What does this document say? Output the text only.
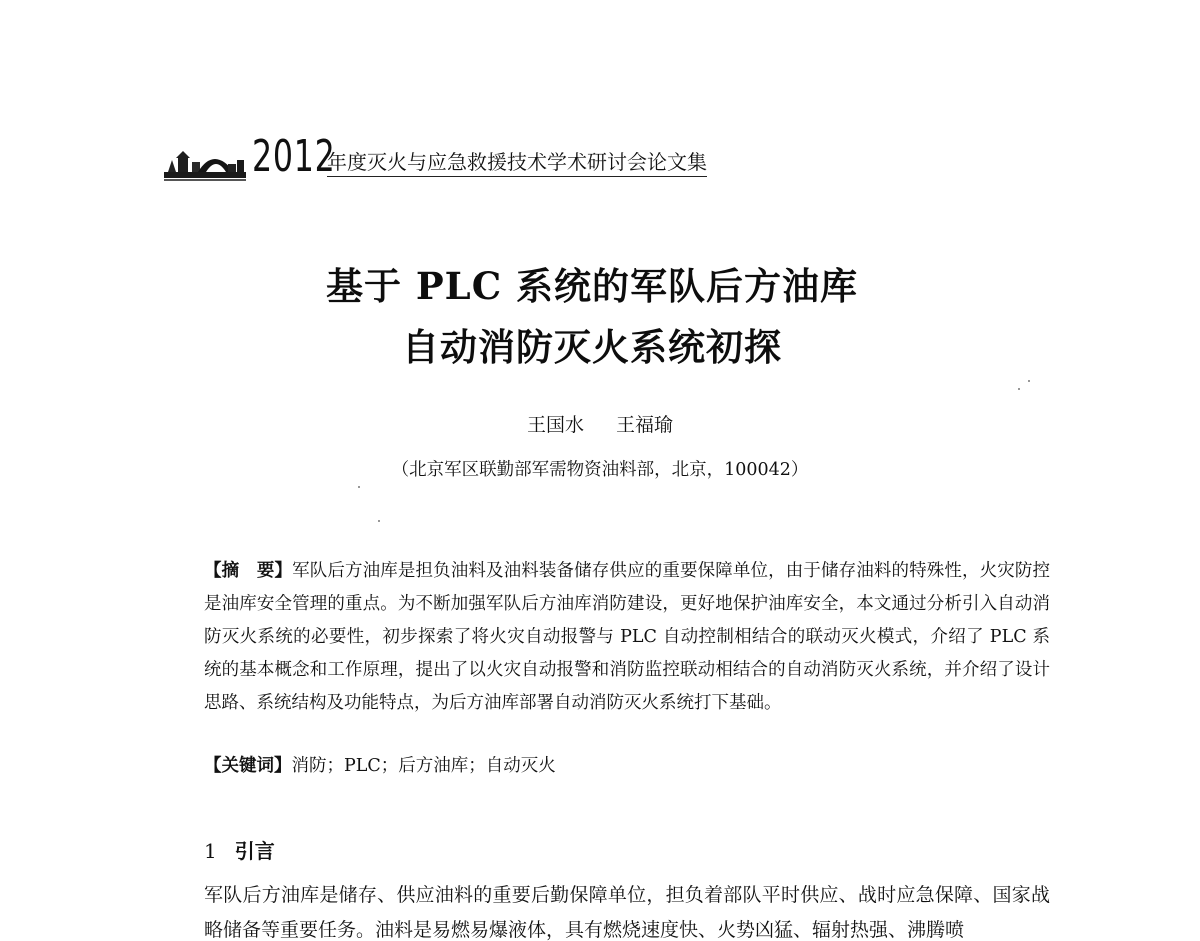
2012
年度灭火与应急救援技术学术研讨会论文集
基于 PLC 系统的军队后方油库
自动消防灭火系统初探
王国水 王福瑜
（北京军区联勤部军需物资油料部，北京，100042）

【摘　要】军队后方油库是担负油料及油料装备储存供应的重要保障单位，由于储存油料的特殊性，火灾防控是油库安全管理的重点。为不断加强军队后方油库消防建设，更好地保护油库安全，本文通过分析引入自动消防灭火系统的必要性，初步探索了将火灾自动报警与 PLC 自动控制相结合的联动灭火模式，介绍了 PLC 系统的基本概念和工作原理，提出了以火灾自动报警和消防监控联动相结合的自动消防灭火系统，并介绍了设计思路、系统结构及功能特点，为后方油库部署自动消防灭火系统打下基础。

【关键词】消防；PLC；后方油库；自动灭火
1 引言

军队后方油库是储存、供应油料的重要后勤保障单位，担负着部队平时供应、战时应急保障、国家战略储备等重要任务。油料是易燃易爆液体，具有燃烧速度快、火势凶猛、辐射热强、沸腾喷
